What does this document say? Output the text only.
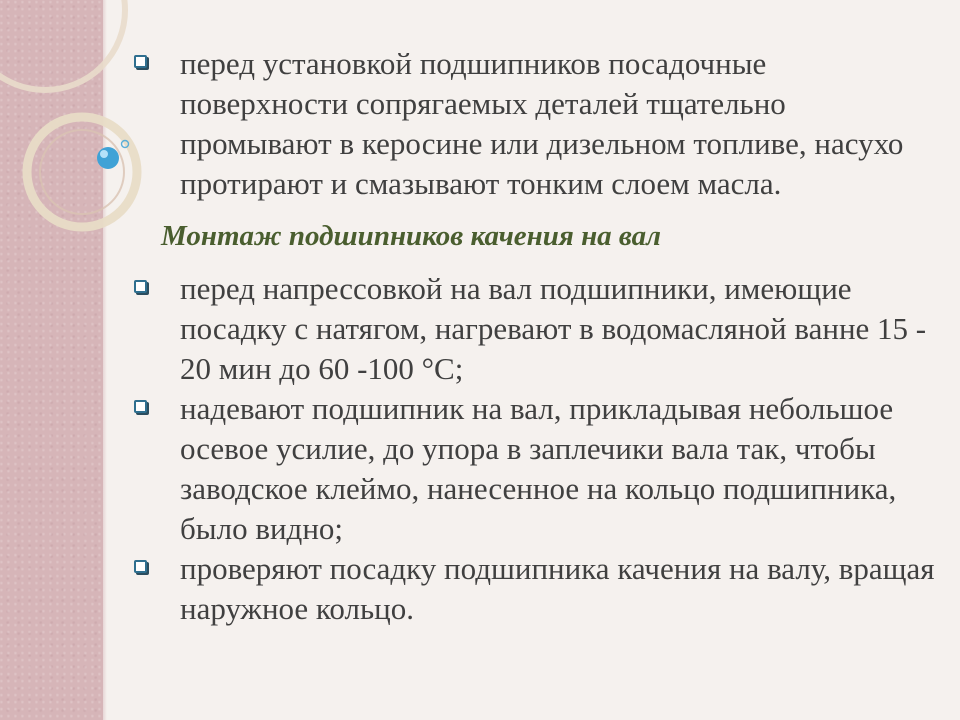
перед установкой подшипников посадочные поверхности сопрягаемых деталей тщательно промывают в керосине или дизельном топливе, насухо протирают и смазывают тонким слоем масла.
Монтаж подшипников качения на вал
перед напрессовкой на вал подшипники, имеющие посадку с натягом, нагревают в водомасляной ванне 15 - 20 мин до 60 -100 °С;
надевают подшипник на вал, прикладывая небольшое осевое усилие, до упора в заплечики вала так, чтобы заводское клеймо, нанесенное на кольцо подшипника, было видно;
проверяют посадку подшипника качения на валу, вращая наружное кольцо.
